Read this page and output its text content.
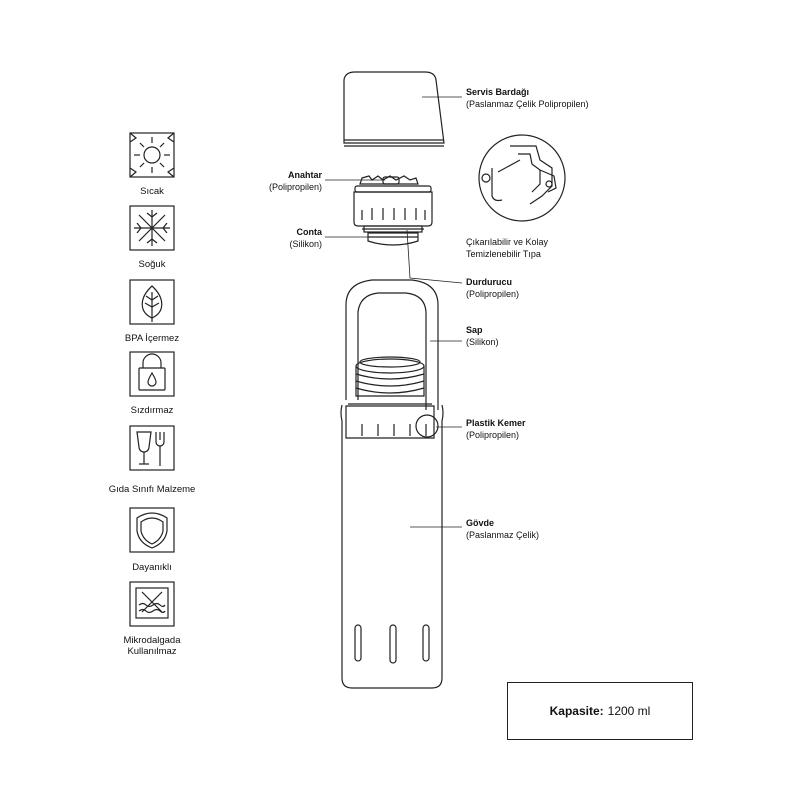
Sıcak
Soğuk
BPA İçermez
Sızdırmaz
Gıda Sınıfı Malzeme
Dayanıklı
Mikrodalgada
Kullanılmaz
Servis Bardağı
(Paslanmaz Çelik Polipropilen)
Anahtar
(Polipropilen)
Conta
(Silikon)	Çıkarılabilir ve Kolay
Temizlenebilir Tıpa
Durdurucu
(Polipropilen)
Sap
(Silikon)
Plastik Kemer
(Polipropilen)
Gövde
(Paslanmaz Çelik)
Kapasite: 1200 ml
